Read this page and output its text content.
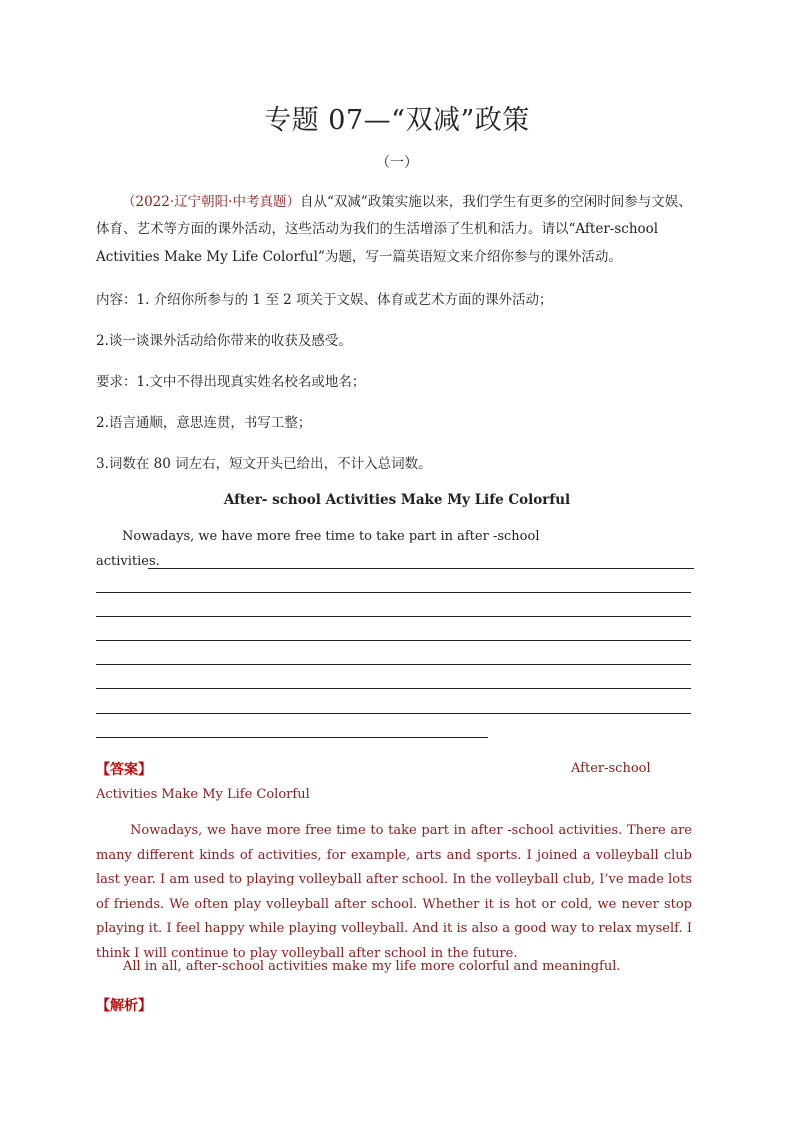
专题 07—“双减”政策
（一）
（2022·辽宁朝阳·中考真题）自从“双减”政策实施以来，我们学生有更多的空闲时间参与文娱、
体育、艺术等方面的课外活动，这些活动为我们的生活增添了生机和活力。请以“After-school
Activities Make My Life Colorful”为题，写一篇英语短文来介绍你参与的课外活动。
内容：1. 介绍你所参与的 1 至 2 项关于文娱、体育或艺术方面的课外活动；
2.谈一谈课外活动给你带来的收获及感受。
要求：1.文中不得出现真实姓名校名或地名；
2.语言通顺，意思连贯，书写工整；
3.词数在 80 词左右，短文开头已给出，不计入总词数。
After- school Activities Make My Life Colorful
Nowadays, we have more free time to take part in after -school
activities.
【答案】	After-school
Activities Make My Life Colorful
Nowadays, we have more free time to take part in after -school activities. There are many different kinds of activities, for example, arts and sports. I joined a volleyball club last year. I am used to playing volleyball after school. In the volleyball club, I’ve made lots of friends. We often play volleyball after school. Whether it is hot or cold, we never stop playing it. I feel happy while playing volleyball. And it is also a good way to relax myself. I think I will continue to play volleyball after school in the future.
All in all, after-school activities make my life more colorful and meaningful.
【解析】
